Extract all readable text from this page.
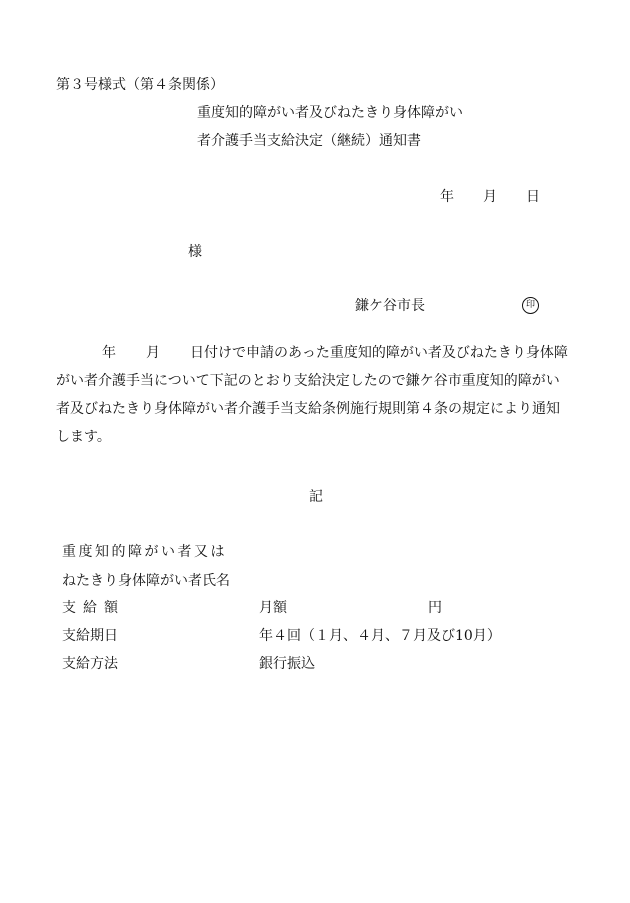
第３号様式（第４条関係）
重度知的障がい者及びねたきり身体障がい
者介護手当支給決定（継続）通知書
年 月 日
様
鎌ケ谷市長	印
年 月 日付けで申請のあった重度知的障がい者及びねたきり身体障
がい者介護手当について下記のとおり支給決定したので鎌ケ谷市重度知的障がい
者及びねたきり身体障がい者介護手当支給条例施行規則第４条の規定により通知
します。
記
重度知的障がい者又は
ねたきり身体障がい者氏名
支給額	月額	円
支給期日	年４回（１月、４月、７月及び10月）
支給方法	銀行振込
